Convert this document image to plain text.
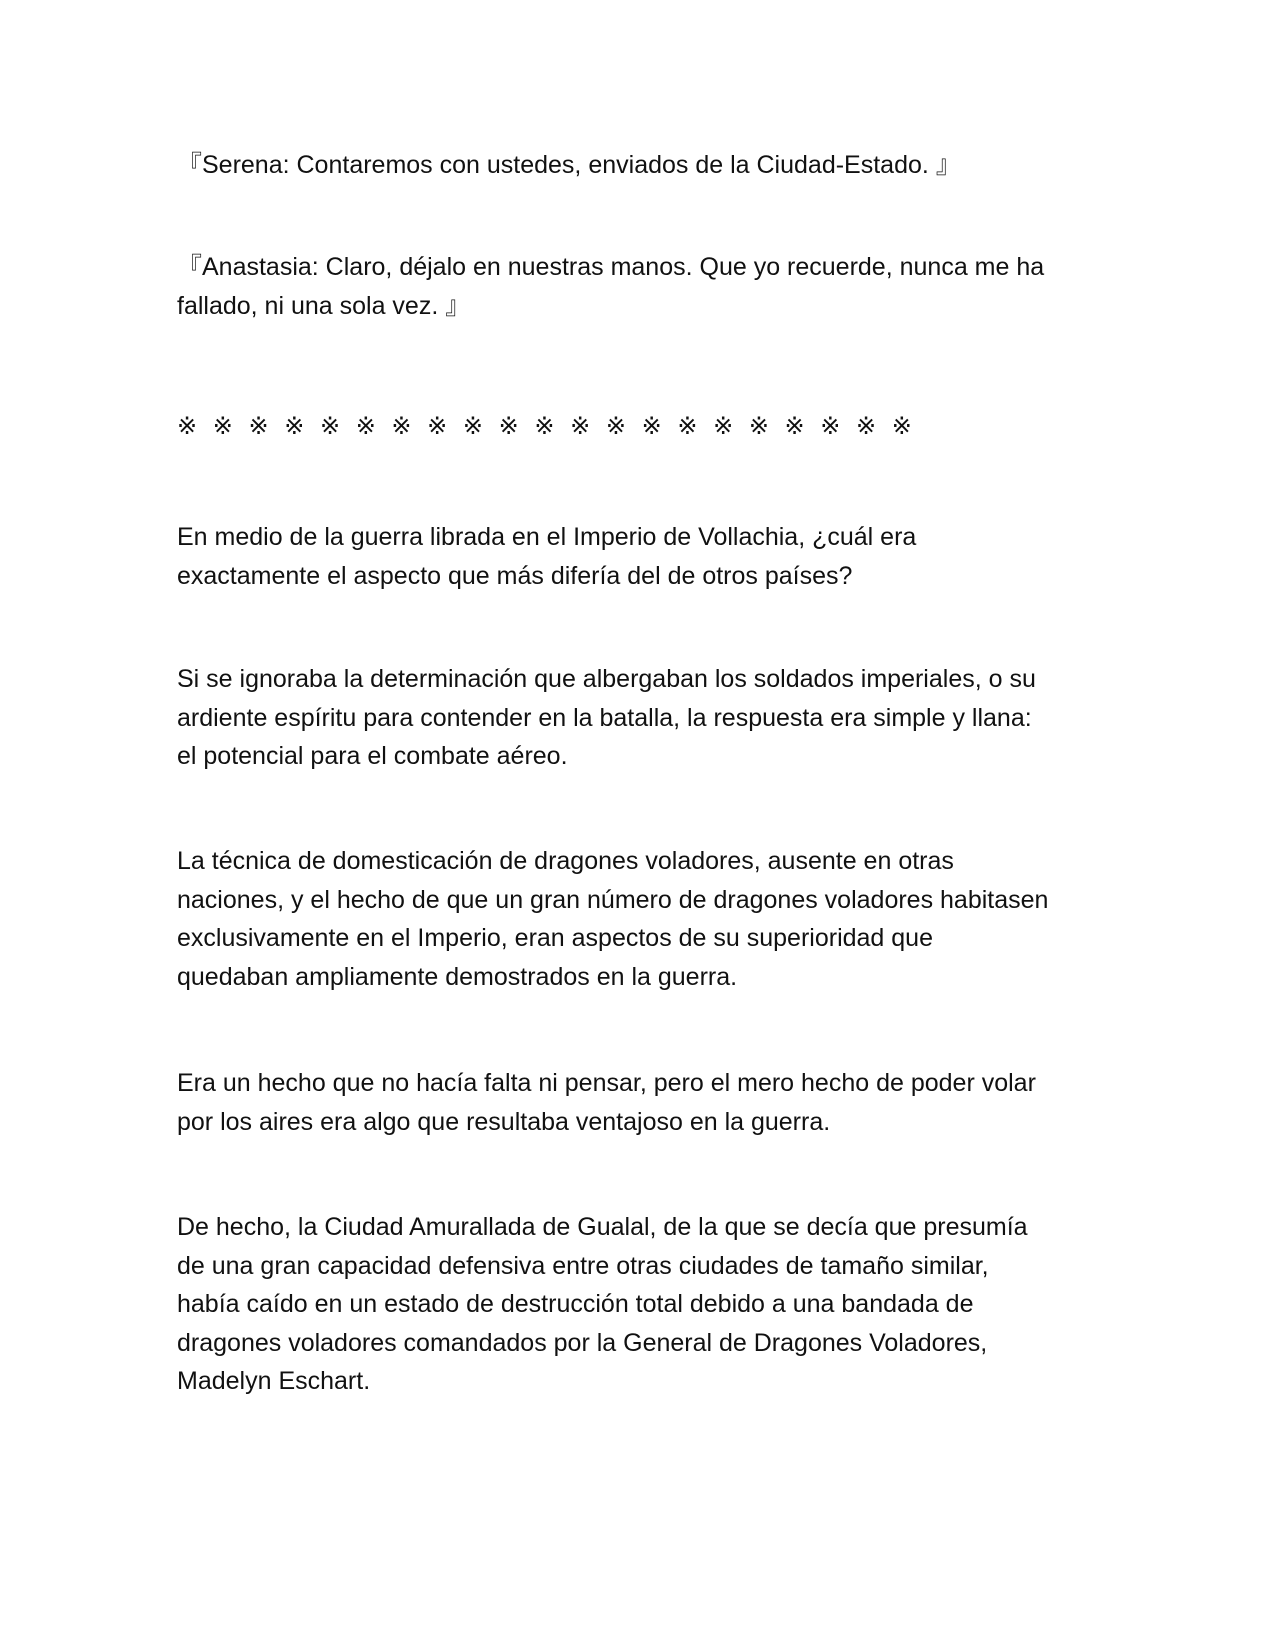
『Serena: Contaremos con ustedes, enviados de la Ciudad-Estado. 』

『Anastasia: Claro, déjalo en nuestras manos. Que yo recuerde, nunca me ha
fallado, ni una sola vez. 』

※ ※ ※ ※ ※ ※ ※ ※ ※ ※ ※ ※ ※ ※ ※ ※ ※ ※ ※ ※ ※

En medio de la guerra librada en el Imperio de Vollachia, ¿cuál era
exactamente el aspecto que más difería del de otros países?

Si se ignoraba la determinación que albergaban los soldados imperiales, o su
ardiente espíritu para contender en la batalla, la respuesta era simple y llana:
el potencial para el combate aéreo.

La técnica de domesticación de dragones voladores, ausente en otras
naciones, y el hecho de que un gran número de dragones voladores habitasen
exclusivamente en el Imperio, eran aspectos de su superioridad que
quedaban ampliamente demostrados en la guerra.

Era un hecho que no hacía falta ni pensar, pero el mero hecho de poder volar
por los aires era algo que resultaba ventajoso en la guerra.

De hecho, la Ciudad Amurallada de Gualal, de la que se decía que presumía
de una gran capacidad defensiva entre otras ciudades de tamaño similar,
había caído en un estado de destrucción total debido a una bandada de
dragones voladores comandados por la General de Dragones Voladores,
Madelyn Eschart.
